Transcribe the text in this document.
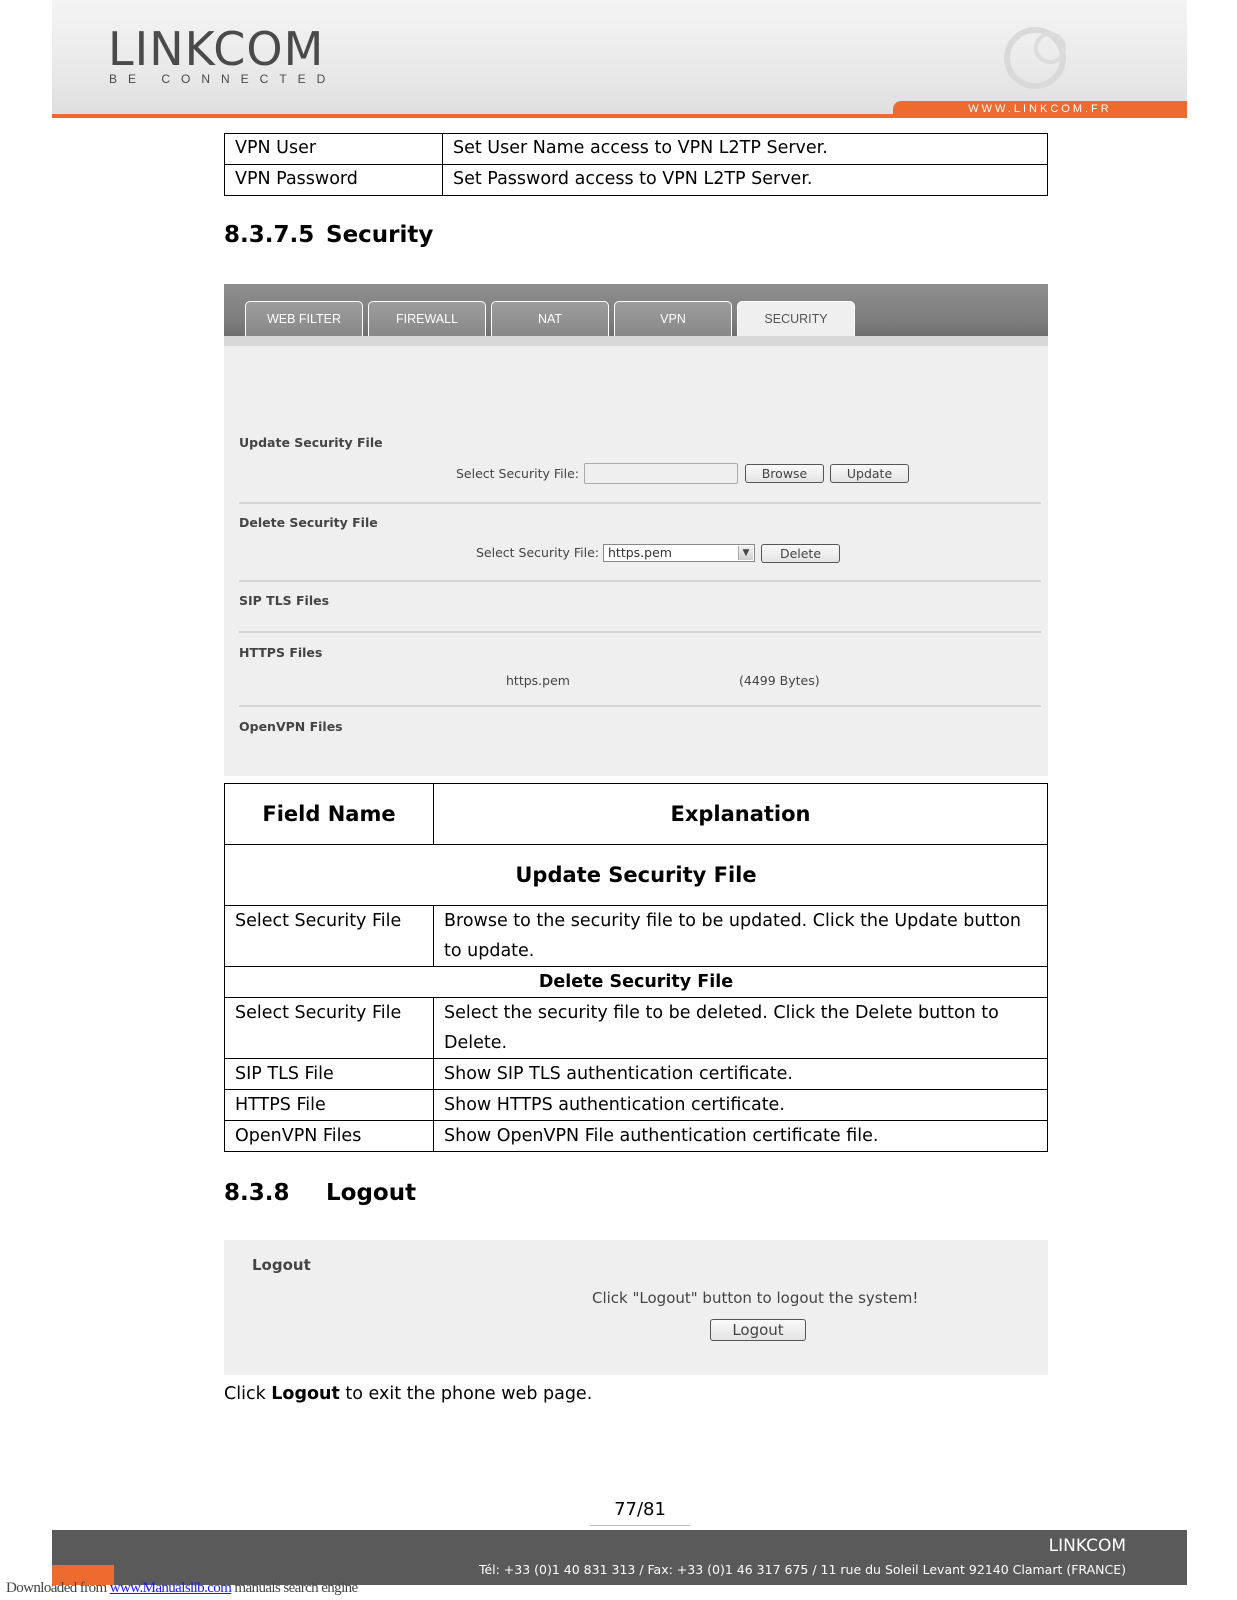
LINKCOM
BE CONNECTED
WWW.LINKCOM.FR
VPN User	Set User Name access to VPN L2TP Server.
VPN Password	Set Password access to VPN L2TP Server.
8.3.7.5 Security
WEB FILTER	FIREWALL	NAT	VPN	SECURITY
Update Security File
Select Security File:	Browse	Update
Delete Security File
Select Security File: https.pem	▼	Delete
SIP TLS Files
HTTPS Files
https.pem	(4499 Bytes)
OpenVPN Files
Field Name	Explanation
Update Security File	
Select Security File	Browse to the security file to be updated. Click the Update button
to update.
Delete Security File	
Select Security File	Select the security file to be deleted. Click the Delete button to
Delete.
SIP TLS File	Show SIP TLS authentication certificate.
HTTPS File	Show HTTPS authentication certificate.
OpenVPN Files	Show OpenVPN File authentication certificate file.
8.3.8 Logout
Logout
Click "Logout" button to logout the system!
Logout
Click Logout to exit the phone web page.
77/81
LINKCOM
Tél: +33 (0)1 40 831 313 / Fax: +33 (0)1 46 317 675 / 11 rue du Soleil Levant 92140 Clamart (FRANCE)
Downloaded from www.Manualslib.com manuals search engine
